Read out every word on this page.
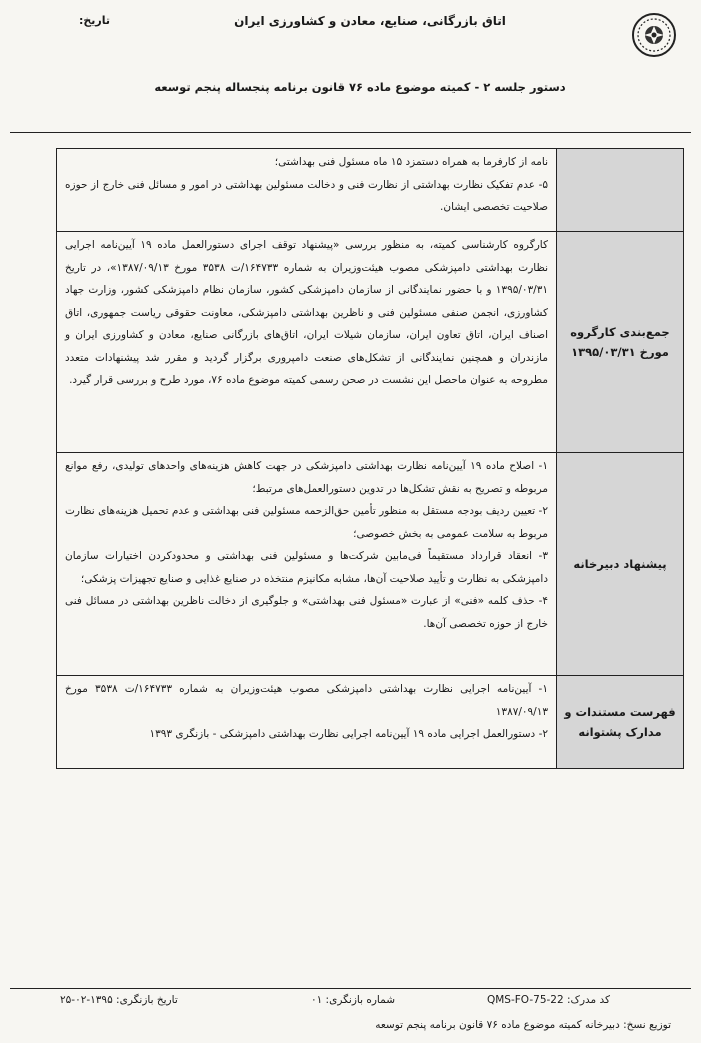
اتاق بازرگانی، صنایع، معادن و کشاورزی ایران
تاریخ:
دستور جلسه ۲ - کمیته موضوع ماده ۷۶ قانون برنامه پنجساله پنجم توسعه

	نامه از کارفرما به همراه دستمزد ۱۵ ماه مسئول فنی بهداشتی؛

۵- عدم تفکیک نظارت بهداشتی از نظارت فنی و دخالت مسئولین بهداشتی در امور و مسائل فنی خارج از حوزه صلاحیت تخصصی ایشان.

جمع‌بندی کارگروه مورخ ۱۳۹۵/۰۳/۳۱	کارگروه کارشناسی کمیته، به منظور بررسی «پیشنهاد توقف اجرای دستورالعمل ماده ۱۹ آیین‌نامه اجرایی نظارت بهداشتی دامپزشکی مصوب هیئت‌وزیران به شماره ۱۶۴۷۳۳/ت ۳۵۳۸ مورخ ۱۳۸۷/۰۹/۱۳»، در تاریخ ۱۳۹۵/۰۳/۳۱ و با حضور نمایندگانی از سازمان دامپزشکی کشور، سازمان نظام دامپزشکی کشور، وزارت جهاد کشاورزی، انجمن صنفی مسئولین فنی و ناظرین بهداشتی دامپزشکی، معاونت حقوقی ریاست جمهوری، اتاق اصناف ایران، اتاق تعاون ایران، سازمان شیلات ایران، اتاق‌های بازرگانی صنایع، معادن و کشاورزی ایران و مازندران و همچنین نمایندگانی از تشکل‌های صنعت دامپروری برگزار گردید و مقرر شد پیشنهادات متعدد مطروحه به عنوان ماحصل این نشست در صحن رسمی کمیته موضوع ماده ۷۶، مورد طرح و بررسی قرار گیرد.

پیشنهاد دبیرخانه	۱- اصلاح ماده ۱۹ آیین‌نامه نظارت بهداشتی دامپزشکی در جهت کاهش هزینه‌های واحدهای تولیدی، رفع موانع مربوطه و تصریح به نقش تشکل‌ها در تدوین دستورالعمل‌های مرتبط؛

۲- تعیین ردیف بودجه مستقل به منظور تأمین حق‌الزحمه مسئولین فنی بهداشتی و عدم تحمیل هزینه‌های نظارت مربوط به سلامت عمومی به بخش خصوصی؛

۳- انعقاد قرارداد مستقیماً فی‌مابین شرکت‌ها و مسئولین فنی بهداشتی و محدودکردن اختیارات سازمان دامپزشکی به نظارت و تأیید صلاحیت آن‌ها، مشابه مکانیزم منتخذه در صنایع غذایی و صنایع تجهیزات پزشکی؛

۴- حذف کلمه «فنی» از عبارت «مسئول فنی بهداشتی» و جلوگیری از دخالت ناظرین بهداشتی در مسائل فنی خارج از حوزه تخصصی آن‌ها.

فهرست مستندات و مدارک پشتوانه	۱- آیین‌نامه اجرایی نظارت بهداشتی دامپزشکی مصوب هیئت‌وزیران به شماره ۱۶۴۷۳۳/ت ۳۵۳۸ مورخ ۱۳۸۷/۰۹/۱۳

۲- دستورالعمل اجرایی ماده ۱۹ آیین‌نامه اجرایی نظارت بهداشتی دامپزشکی - بازنگری ۱۳۹۳

کد مدرک: QMS-FO-75-22
شماره بازنگری: ۰۱
تاریخ بازنگری: ۱۳۹۵-۰۲-۲۵
توزیع نسخ: دبیرخانه کمیته موضوع ماده ۷۶ قانون برنامه پنجم توسعه
